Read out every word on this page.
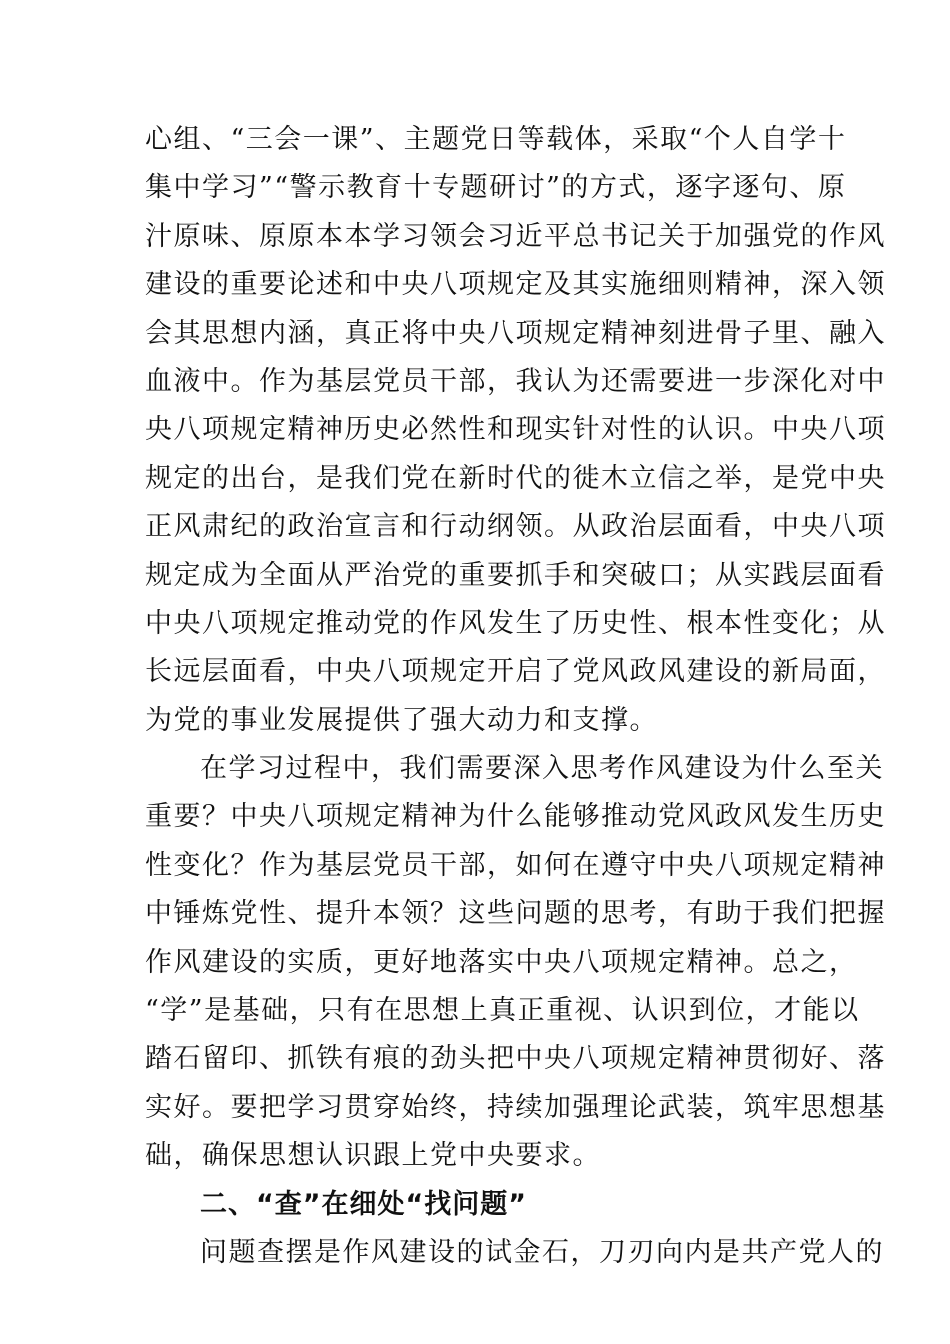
心组、“三会一课”、主题党日等载体，采取“个人自学十
集中学习”“警示教育十专题研讨”的方式，逐字逐句、原
汁原味、原原本本学习领会习近平总书记关于加强党的作风
建设的重要论述和中央八项规定及其实施细则精神，深入领
会其思想内涵，真正将中央八项规定精神刻进骨子里、融入
血液中。作为基层党员干部，我认为还需要进一步深化对中
央八项规定精神历史必然性和现实针对性的认识。中央八项
规定的出台，是我们党在新时代的徙木立信之举，是党中央
正风肃纪的政治宣言和行动纲领。从政治层面看，中央八项
规定成为全面从严治党的重要抓手和突破口；从实践层面看
中央八项规定推动党的作风发生了历史性、根本性变化；从
长远层面看，中央八项规定开启了党风政风建设的新局面，
为党的事业发展提供了强大动力和支撑。
在学习过程中，我们需要深入思考作风建设为什么至关
重要？中央八项规定精神为什么能够推动党风政风发生历史
性变化？作为基层党员干部，如何在遵守中央八项规定精神
中锤炼党性、提升本领？这些问题的思考，有助于我们把握
作风建设的实质，更好地落实中央八项规定精神。总之，
“学”是基础，只有在思想上真正重视、认识到位，才能以
踏石留印、抓铁有痕的劲头把中央八项规定精神贯彻好、落
实好。要把学习贯穿始终，持续加强理论武装，筑牢思想基
础，确保思想认识跟上党中央要求。
二、“查”在细处“找问题”
问题查摆是作风建设的试金石，刀刃向内是共产党人的
